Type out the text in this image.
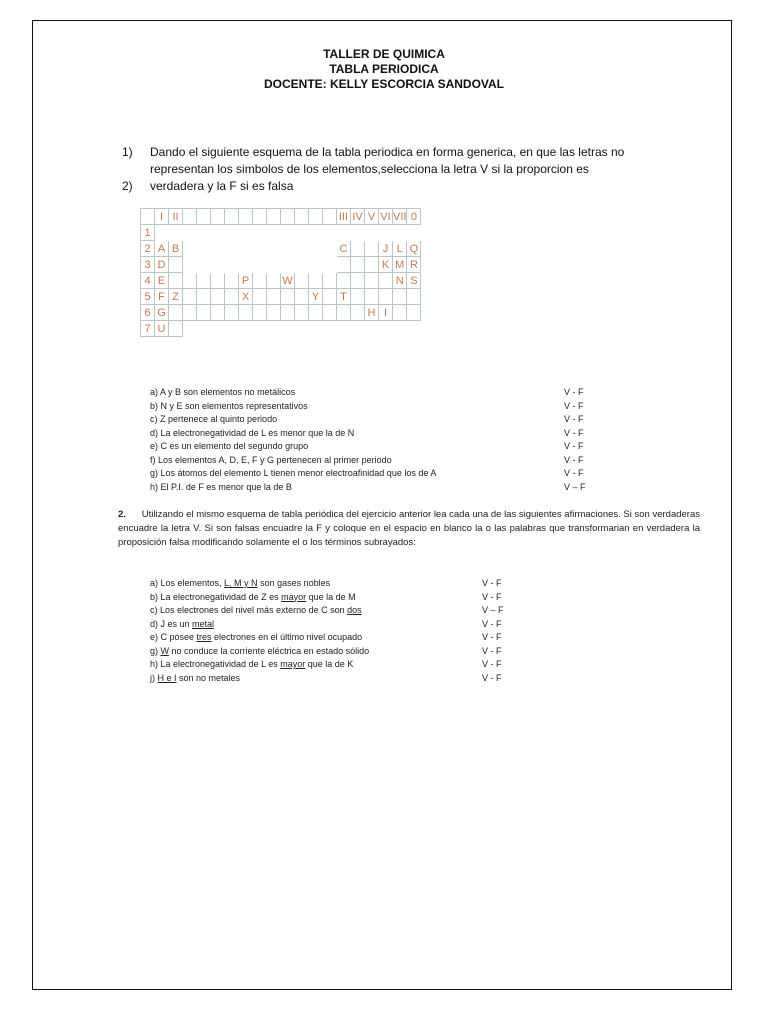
TALLER DE QUIMICA
TABLA PERIODICA
DOCENTE: KELLY ESCORCIA SANDOVAL
1)	Dando el siguiente esquema de la tabla periodica en forma generica, en que las letras no
representan los simbolos de los elementos,selecciona la letra V si la proporcion es
2)	verdadera y la F si es falsa
	I	II												III	IV	V	VI	VII	0
1																			
2	A	B												C			J	L	Q
3	D																K	M	R
4	E						P			W								N	S
5	F	Z					X					Y		T					
6	G															H	I		
7	U																		
a) A y B son elementos no metálicos	V - F
b) N y E son elementos representativos	V - F
c) Z pertenece al quinto periodo	V - F
d) La electronegatividad de L es menor que la de N	V - F
e) C es un elemento del segundo grupo	V - F
f) Los elementos A, D, E, F y G pertenecen al primer periodo	V - F
g) Los átomos del elemento L tienen menor electroafinidad que los de A	V - F
h) El P.I. de F es menor que la de B	V – F
2. Utilizando el mismo esquema de tabla periódica del ejercicio anterior lea cada una de las siguientes afirmaciones. Si son verdaderas encuadre la letra V. Si son falsas encuadre la F y coloque en el espacio en blanco la o las palabras que transformarian en verdadera la proposición falsa modificando solamente el o los términos subrayados:
a) Los elementos, L, M y N son gases nobles	V - F
b) La electronegatividad de Z es mayor que la de M	V - F
c) Los electrones del nivel más externo de C son dos	V – F
d) J es un metal	V - F
e) C posee tres electrones en el último nivel ocupado	V - F
g) W no conduce la corriente eléctrica en estado sólido	V - F
h) La electronegatividad de L es mayor que la de K	V - F
j) H e I son no metales	V - F
